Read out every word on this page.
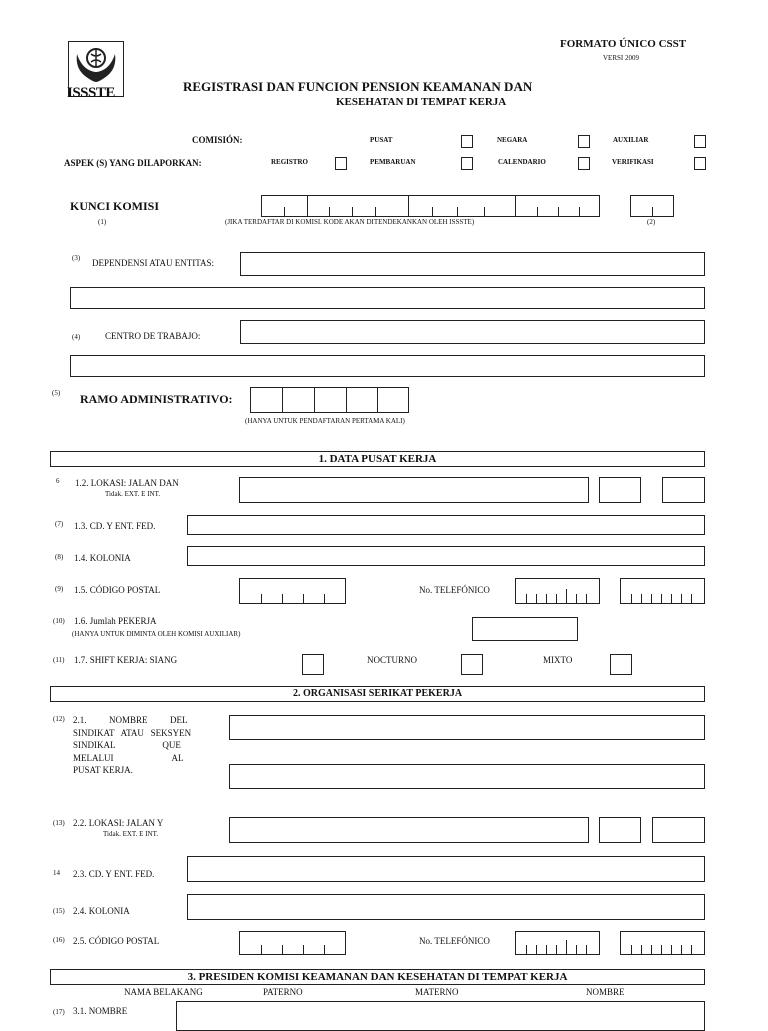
ISSSTE
FORMATO ÚNICO CSST
VERSI 2009
REGISTRASI DAN FUNCION PENSION KEAMANAN DAN
KESEHATAN DI TEMPAT KERJA
COMISIÓN:	PUSAT	NEGARA	AUXILIAR
ASPEK (S) YANG DILAPORKAN:	REGISTRO	PEMBARUAN	CALENDARIO	VERIFIKASI
KUNCI KOMISI
(1)	(JIKA TERDAFTAR DI KOMISI. KODE AKAN DITENDEKANKAN OLEH ISSSTE)	(2)
(3) DEPENDENSI ATAU ENTITAS:
(4)	CENTRO DE TRABAJO:
(5) RAMO ADMINISTRATIVO:
(HANYA UNTUK PENDAFTARAN PERTAMA KALI)
1. DATA PUSAT KERJA
6 1.2. LOKASI: JALAN DAN
Tidak. EXT. E INT.
(7) 1.3. CD. Y ENT. FED.
(8) 1.4. KOLONIA
(9) 1.5. CÓDIGO POSTAL	No. TELEFÓNICO
(10) 1.6. Jumlah PEKERJA
(HANYA UNTUK DIMINTA OLEH KOMISI AUXILIAR)
(11) 1.7. SHIFT KERJA: SIANG	NOCTURNO	MIXTO
2. ORGANISASI SERIKAT PEKERJA
(12) 2.1.          NOMBRE          DEL
SINDIKAT   ATAU   SEKSYEN
SINDIKAL                     QUE
MELALUI                          AL
PUSAT KERJA.
(13) 2.2. LOKASI: JALAN Y
Tidak. EXT. E INT.
14 2.3. CD. Y ENT. FED.
(15) 2.4. KOLONIA
(16) 2.5. CÓDIGO POSTAL	No. TELEFÓNICO
3. PRESIDEN KOMISI KEAMANAN DAN KESEHATAN DI TEMPAT KERJA
NAMA BELAKANG	PATERNO	MATERNO	NOMBRE
(17) 3.1. NOMBRE
